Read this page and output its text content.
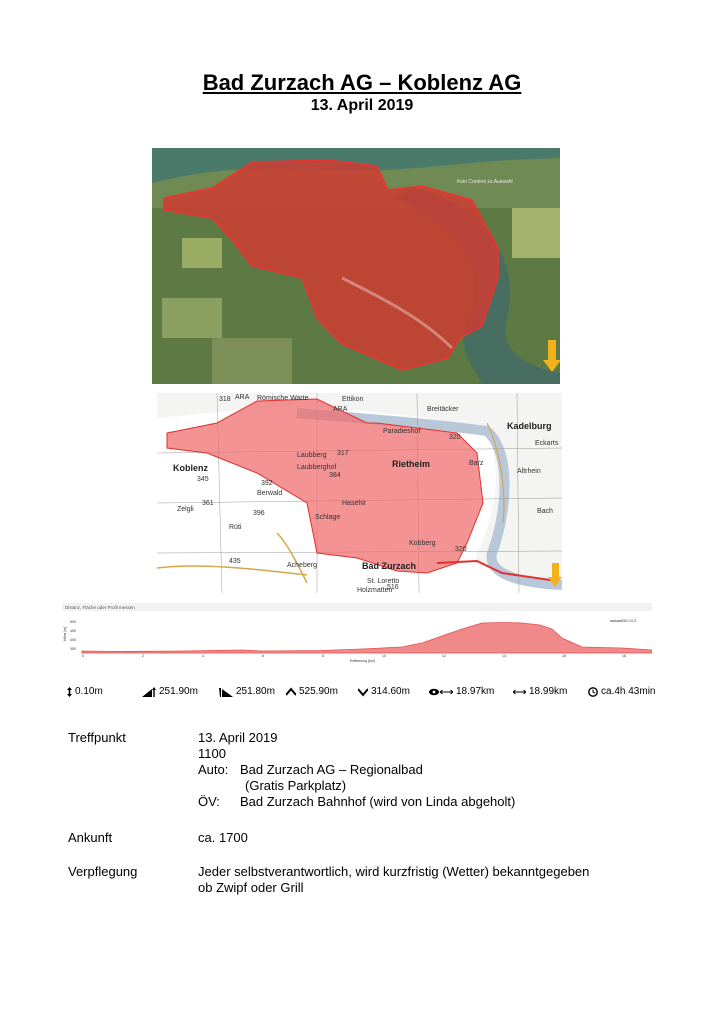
Bad Zurzach AG – Koblenz AG
13. April 2019
Kein Content zu Auswahl
Koblenz
Bad Zurzach
Kadelburg
Rietheim
Laubberg
Laubberghof
Ettikon
Breitäcker
Römische Warte
Acheberg
Altrhein
Eckarts
Barz
Berwald
Rüti
Zelgli
Schlage
Hasehir
Kobberg
Paradieshof
ARA
ARA
St. Loretto
Holzmatten
Bach
318
345
361
396
384
392
317
320
435
320
516
Distanz, Fläche oder Profil messen
swissalti3D 0.0.0
Höhe [m]
Entfernung [km]
500
450
400
350
0	2	4	6	8	10	12	14	16	18
0.10m	251.90m	251.80m 525.90m	314.60m	18.97km	18.99km	ca.4h 43min
Treffpunkt	13. April 2019
1100
Auto: Bad Zurzach AG – Regionalbad
(Gratis Parkplatz)
ÖV: Bad Zurzach Bahnhof (wird von Linda abgeholt)
Ankunft	ca. 1700
Verpflegung	Jeder selbstverantwortlich, wird kurzfristig (Wetter) bekanntgegeben
ob Zwipf oder Grill
